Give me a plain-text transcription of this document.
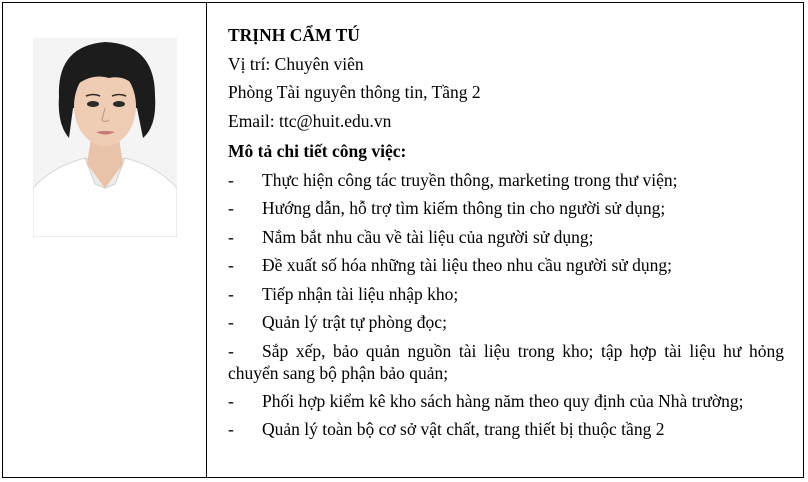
TRỊNH CẨM TÚ
Vị trí: Chuyên viên
Phòng Tài nguyên thông tin, Tầng 2
Email: ttc@huit.edu.vn
Mô tả chi tiết công việc:
- Thực hiện công tác truyền thông, marketing trong thư viện;
- Hướng dẫn, hỗ trợ tìm kiếm thông tin cho người sử dụng;
- Nắm bắt nhu cầu về tài liệu của người sử dụng;
- Đề xuất số hóa những tài liệu theo nhu cầu người sử dụng;
- Tiếp nhận tài liệu nhập kho;
- Quản lý trật tự phòng đọc;
- Sắp xếp, bảo quản nguồn tài liệu trong kho; tập hợp tài liệu hư hỏng chuyển sang bộ phận bảo quản;
- Phối hợp kiểm kê kho sách hàng năm theo quy định của Nhà trường;
- Quản lý toàn bộ cơ sở vật chất, trang thiết bị thuộc tầng 2
